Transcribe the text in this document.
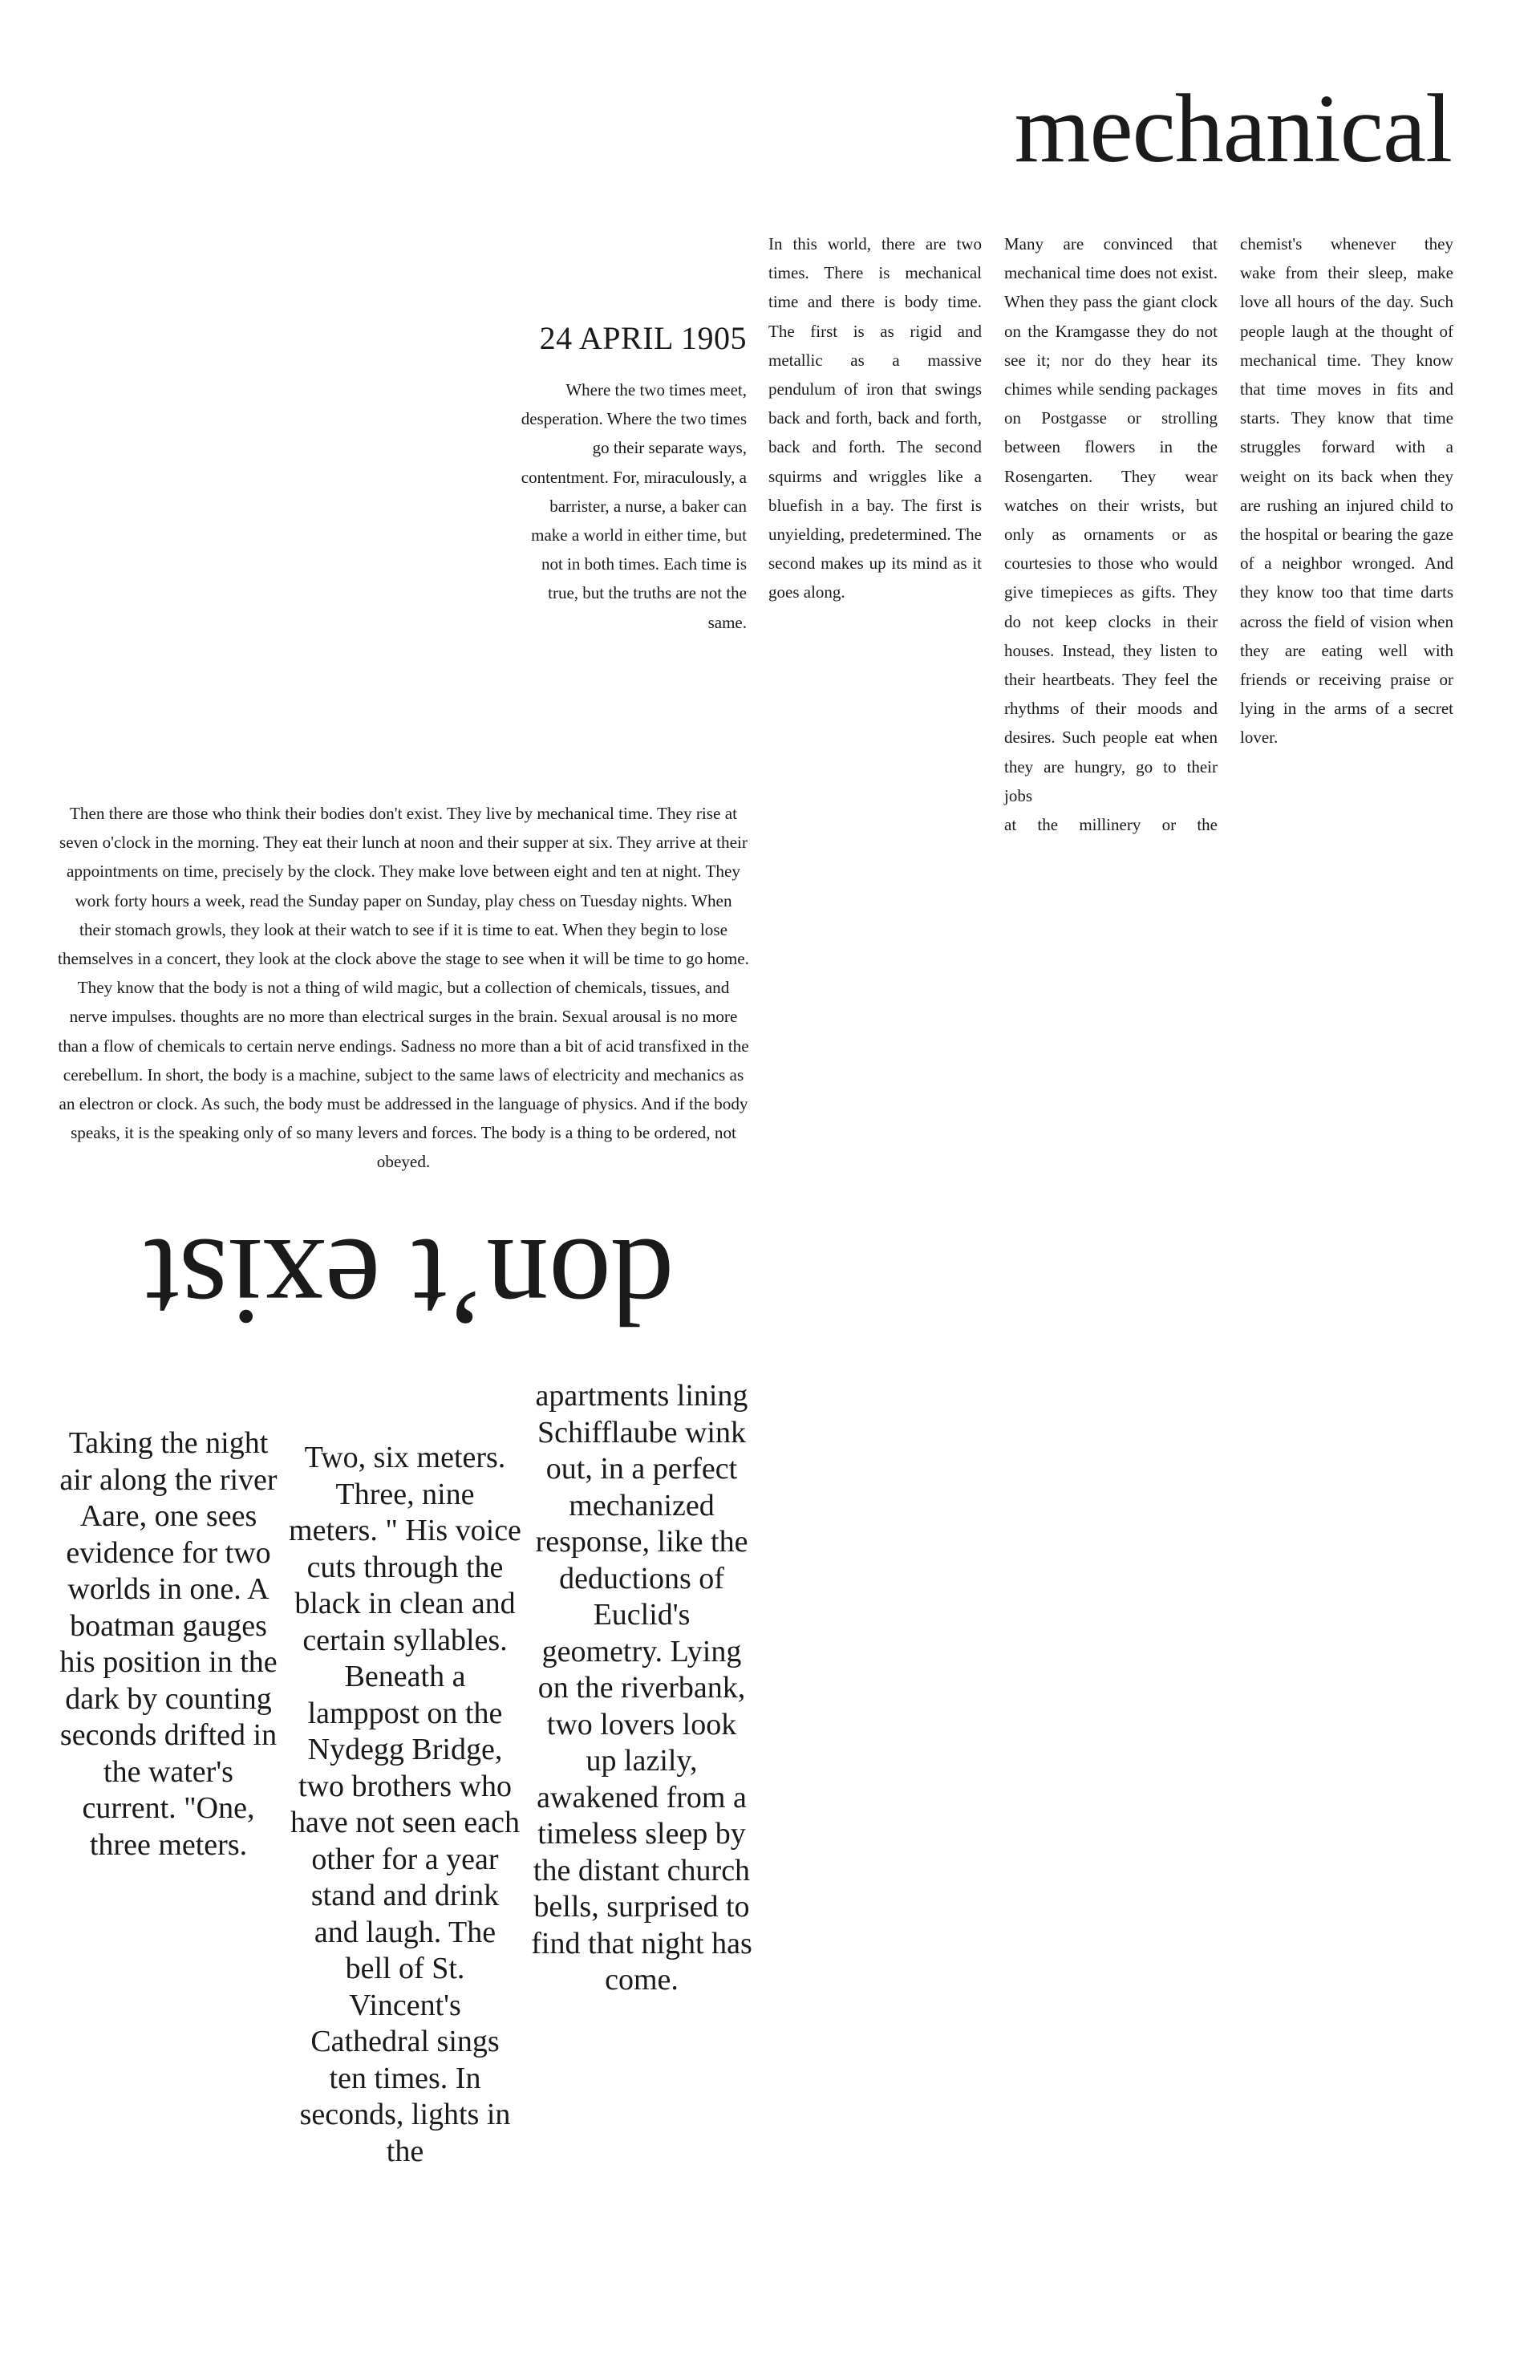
mechanical
24 APRIL 1905
Where the two times meet, desperation. Where the two times go their separate ways, contentment. For, miraculously, a barrister, a nurse, a baker can make a world in either time, but not in both times. Each time is true, but the truths are not the same.
In this world, there are two times. There is mechanical time and there is body time. The first is as rigid and metallic as a massive pendulum of iron that swings back and forth, back and forth, back and forth. The second squirms and wriggles like a bluefish in a bay. The first is unyielding, predetermined. The second makes up its mind as it goes along.
Many are convinced that mechanical time does not exist. When they pass the giant clock on the Kramgasse they do not see it; nor do they hear its chimes while sending packages on Postgasse or strolling between flowers in the Rosengarten. They wear watches on their wrists, but only as ornaments or as courtesies to those who would give timepieces as gifts. They do not keep clocks in their houses. Instead, they listen to their heartbeats. They feel the rhythms of their moods and desires. Such people eat when they are hungry, go to their jobs
at the millinery or the
chemist's whenever they
wake from their sleep, make love all hours of the day. Such people laugh at the thought of mechanical time. They know that time moves in fits and starts. They know that time struggles forward with a weight on its back when they are rushing an injured child to the hospital or bearing the gaze of a neighbor wronged. And they know too that time darts across the field of vision when they are eating well with friends or receiving praise or lying in the arms of a secret lover.
Then there are those who think their bodies don't exist. They live by mechanical time. They rise at seven o'clock in the morning. They eat their lunch at noon and their supper at six. They arrive at their appointments on time, precisely by the clock. They make love between eight and ten at night. They work forty hours a week, read the Sunday paper on Sunday, play chess on Tuesday nights. When their stomach growls, they look at their watch to see if it is time to eat. When they begin to lose themselves in a concert, they look at the clock above the stage to see when it will be time to go home. They know that the body is not a thing of wild magic, but a collection of chemicals, tissues, and nerve impulses. thoughts are no more than electrical surges in the brain. Sexual arousal is no more than a flow of chemicals to certain nerve endings. Sadness no more than a bit of acid transfixed in the cerebellum. In short, the body is a machine, subject to the same laws of electricity and mechanics as an electron or clock. As such, the body must be addressed in the language of physics. And if the body speaks, it is the speaking only of so many levers and forces. The body is a thing to be ordered, not obeyed.
don’t exist
Taking the night air along the river Aare, one sees evidence for two worlds in one. A boatman gauges his position in the dark by counting seconds drifted in the water's current. "One, three meters.
Two, six meters. Three, nine meters. " His voice cuts through the black in clean and certain syllables. Beneath a lamppost on the Nydegg Bridge, two brothers who have not seen each other for a year stand and drink and laugh. The bell of St. Vincent's Cathedral sings ten times. In seconds, lights in the
apartments lining Schifflaube wink out, in a perfect mechanized response, like the deductions of Euclid's geometry. Lying on the riverbank, two lovers look up lazily, awakened from a timeless sleep by the distant church bells, surprised to find that night has come.
